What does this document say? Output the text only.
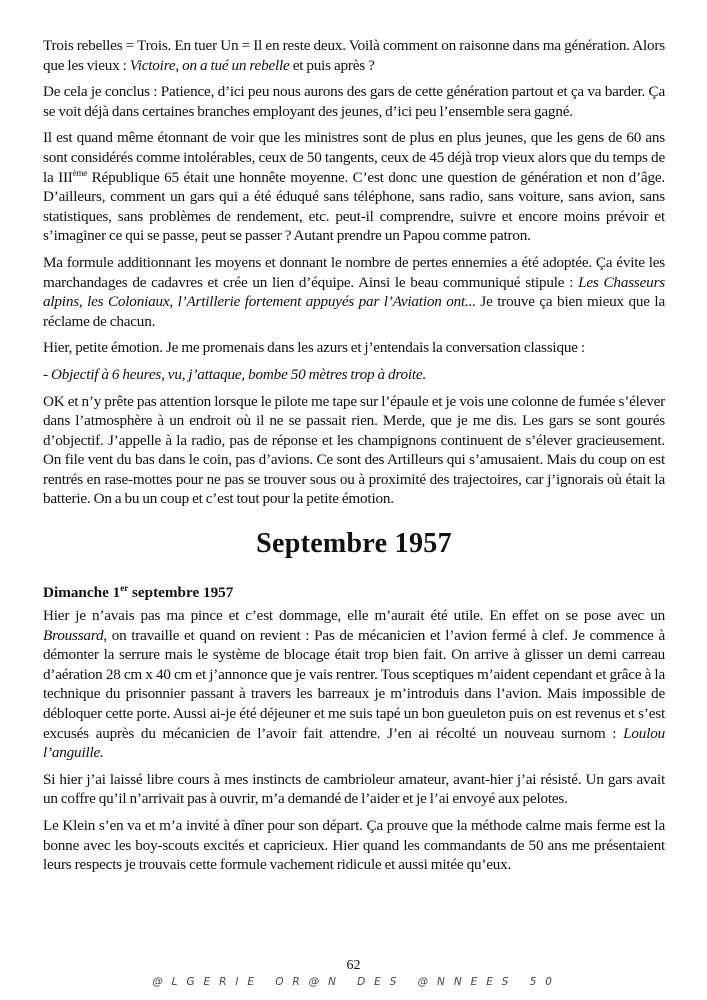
Trois rebelles = Trois. En tuer Un = Il en reste deux. Voilà comment on raisonne dans ma génération. Alors que les vieux : Victoire, on a tué un rebelle et puis après ?

De cela je conclus : Patience, d’ici peu nous aurons des gars de cette génération partout et ça va barder. Ça se voit déjà dans certaines branches employant des jeunes, d’ici peu l’ensemble sera gagné.

Il est quand même étonnant de voir que les ministres sont de plus en plus jeunes, que les gens de 60 ans sont considérés comme intolérables, ceux de 50 tangents, ceux de 45 déjà trop vieux alors que du temps de la IIIème République 65 était une honnête moyenne. C’est donc une question de génération et non d’âge. D’ailleurs, comment un gars qui a été éduqué sans téléphone, sans radio, sans voiture, sans avion, sans statistiques, sans problèmes de rendement, etc. peut-il comprendre, suivre et encore moins prévoir et s’imaginer ce qui se passe, peut se passer ? Autant prendre un Papou comme patron.

Ma formule additionnant les moyens et donnant le nombre de pertes ennemies a été adoptée. Ça évite les marchandages de cadavres et crée un lien d’équipe. Ainsi le beau communiqué stipule : Les Chasseurs alpins, les Coloniaux, l’Artillerie fortement appuyés par l’Aviation ont... Je trouve ça bien mieux que la réclame de chacun.

Hier, petite émotion. Je me promenais dans les azurs et j’entendais la conversation classique :

- Objectif à 6 heures, vu, j’attaque, bombe 50 mètres trop à droite.

OK et n’y prête pas attention lorsque le pilote me tape sur l’épaule et je vois une colonne de fumée s’élever dans l’atmosphère à un endroit où il ne se passait rien. Merde, que je me dis. Les gars se sont gourés d’objectif. J’appelle à la radio, pas de réponse et les champignons continuent de s’élever gracieusement. On file vent du bas dans le coin, pas d’avions. Ce sont des Artilleurs qui s’amusaient. Mais du coup on est rentrés en rase-mottes pour ne pas se trouver sous ou à proximité des trajectoires, car j’ignorais où était la batterie. On a bu un coup et c’est tout pour la petite émotion.

Septembre 1957
Dimanche 1er septembre 1957

Hier je n’avais pas ma pince et c’est dommage, elle m’aurait été utile. En effet on se pose avec un Broussard, on travaille et quand on revient : Pas de mécanicien et l’avion fermé à clef. Je commence à démonter la serrure mais le système de blocage était trop bien fait. On arrive à glisser un demi carreau d’aération 28 cm x 40 cm et j’annonce que je vais rentrer. Tous sceptiques m’aident cependant et grâce à la technique du prisonnier passant à travers les barreaux je m’introduis dans l’avion. Mais impossible de débloquer cette porte. Aussi ai-je été déjeuner et me suis tapé un bon gueuleton puis on est revenus et s’est excusés auprès du mécanicien de l’avoir fait attendre. J’en ai récolté un nouveau surnom : Loulou l’anguille.

Si hier j’ai laissé libre cours à mes instincts de cambrioleur amateur, avant-hier j’ai résisté. Un gars avait un coffre qu’il n’arrivait pas à ouvrir, m’a demandé de l’aider et je l’ai envoyé aux pelotes.

Le Klein s’en va et m’a invité à dîner pour son départ. Ça prouve que la méthode calme mais ferme est la bonne avec les boy-scouts excités et capricieux. Hier quand les commandants de 50 ans me présentaient leurs respects je trouvais cette formule vachement ridicule et aussi mitée qu’eux.

62
@ L G E R I E   O R @ N   D E S   @ N N E E S   5 0
